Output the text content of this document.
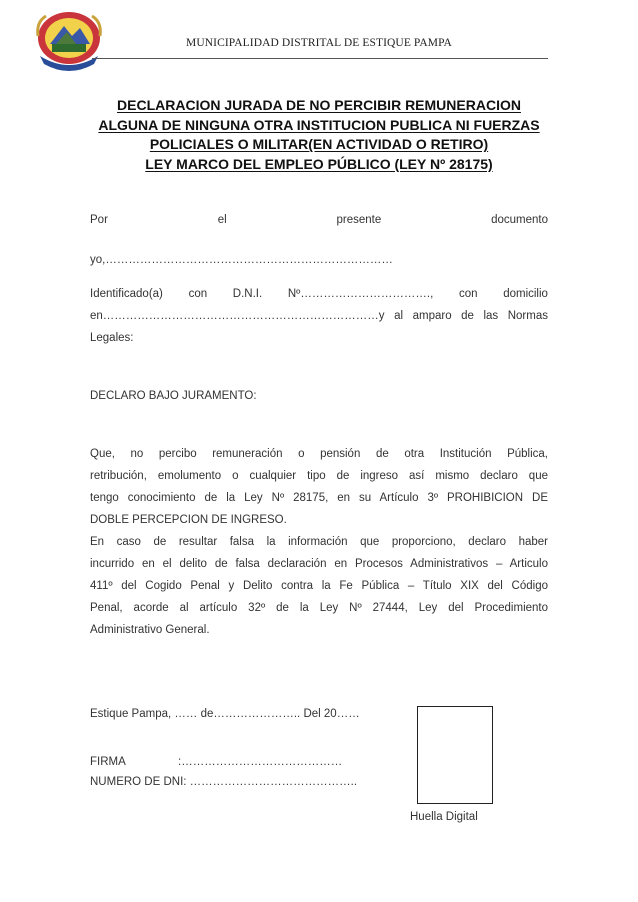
MUNICIPALIDAD DISTRITAL DE ESTIQUE PAMPA
DECLARACION JURADA DE NO PERCIBIR REMUNERACION
ALGUNA DE NINGUNA OTRA INSTITUCION PUBLICA NI FUERZAS
POLICIALES O MILITAR(EN ACTIVIDAD O RETIRO)
LEY MARCO DEL EMPLEO PÚBLICO (LEY Nº 28175)
Por	el	presente	documento
yo,…………………………………………………………………
Identificado(a) con D.N.I. Nº……………………………., con domicilio
en………………………………………………………………y al amparo de las Normas
Legales:
DECLARO BAJO JURAMENTO:
Que, no percibo remuneración o pensión de otra Institución Pública,
retribución, emolumento o cualquier tipo de ingreso así mismo declaro que
tengo conocimiento de la Ley Nº 28175, en su Artículo 3º PROHIBICION DE
DOBLE PERCEPCION DE INGRESO.
En caso de resultar falsa la información que proporciono, declaro haber
incurrido en el delito de falsa declaración en Procesos Administrativos – Articulo
411º del Cogido Penal y Delito contra la Fe Pública – Título XIX del Código
Penal, acorde al artículo 32º de la Ley Nº 27444, Ley del Procedimiento
Administrativo General.
Estique Pampa, …… de………………….. Del 20……
FIRMA	:……………………………………
NUMERO DE DNI: ……………………………………..
Huella Digital
